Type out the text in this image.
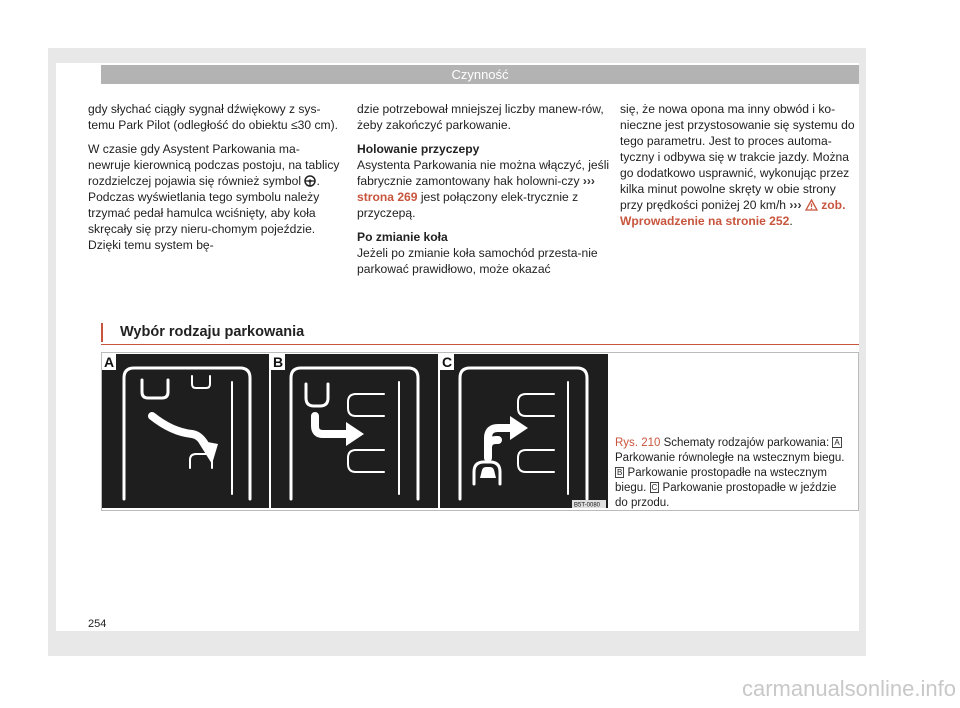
Czynność

gdy słychać ciągły sygnał dźwiękowy z sys-temu Park Pilot (odległość do obiektu ≤30 cm).

W czasie gdy Asystent Parkowania ma-newruje kierownicą podczas postoju, na tablicy rozdzielczej pojawia się również symbol . Podczas wyświetlania tego symbolu należy trzymać pedał hamulca wciśnięty, aby koła skręcały się przy nieru-chomym pojeździe. Dzięki temu system bę-

dzie potrzebował mniejszej liczby manew-rów, żeby zakończyć parkowanie.

Holowanie przyczepy

Asystenta Parkowania nie można włączyć, jeśli fabrycznie zamontowany hak holowni-czy ››› strona 269 jest połączony elek-trycznie z przyczepą.

Po zmianie koła

Jeżeli po zmianie koła samochód przesta-nie parkować prawidłowo, może okazać

się, że nowa opona ma inny obwód i ko-nieczne jest przystosowanie się systemu do tego parametru. Jest to proces automa-tyczny i odbywa się w trakcie jazdy. Można go dodatkowo usprawnić, wykonując przez kilka minut powolne skręty w obie strony przy prędkości poniżej 20 km/h ››› zob. Wprowadzenie na stronie 252.

Wybór rodzaju parkowania
A	B	C
B5T-0080
Rys. 210 Schematy rodzajów parkowania: A Parkowanie równoległe na wstecznym biegu. B Parkowanie prostopadłe na wstecznym biegu. C Parkowanie prostopadłe w jeździe do przodu.
254
carmanualsonline.info
